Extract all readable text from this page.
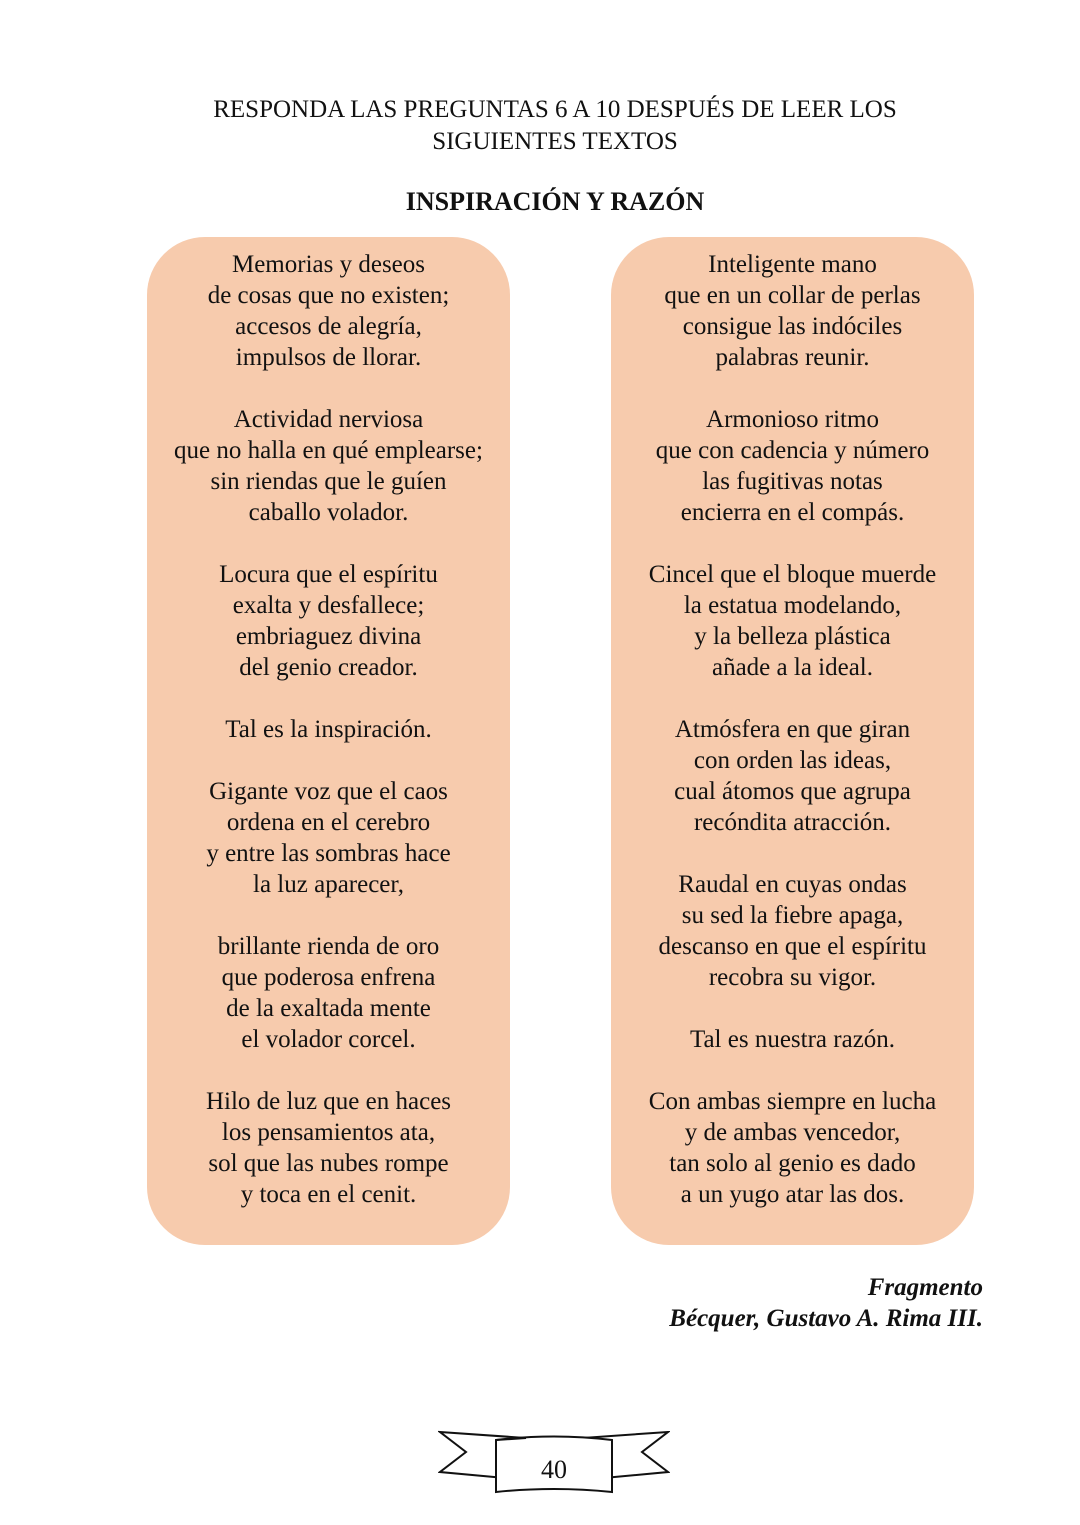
RESPONDA LAS PREGUNTAS 6 A 10 DESPUÉS DE LEER LOS
SIGUIENTES TEXTOS
INSPIRACIÓN Y RAZÓN
Memorias y deseos
de cosas que no existen;
accesos de alegría,
impulsos de llorar.
Actividad nerviosa
que no halla en qué emplearse;
sin riendas que le guíen
caballo volador.
Locura que el espíritu
exalta y desfallece;
embriaguez divina
del genio creador.
Tal es la inspiración.
Gigante voz que el caos
ordena en el cerebro
y entre las sombras hace
la luz aparecer,
brillante rienda de oro
que poderosa enfrena
de la exaltada mente
el volador corcel.
Hilo de luz que en haces
los pensamientos ata,
sol que las nubes rompe
y toca en el cenit.
Inteligente mano
que en un collar de perlas
consigue las indóciles
palabras reunir.
Armonioso ritmo
que con cadencia y número
las fugitivas notas
encierra en el compás.
Cincel que el bloque muerde
la estatua modelando,
y la belleza plástica
añade a la ideal.
Atmósfera en que giran
con orden las ideas,
cual átomos que agrupa
recóndita atracción.
Raudal en cuyas ondas
su sed la fiebre apaga,
descanso en que el espíritu
recobra su vigor.
Tal es nuestra razón.
Con ambas siempre en lucha
y de ambas vencedor,
tan solo al genio es dado
a un yugo atar las dos.
Fragmento
Bécquer, Gustavo A. Rima III.
40
